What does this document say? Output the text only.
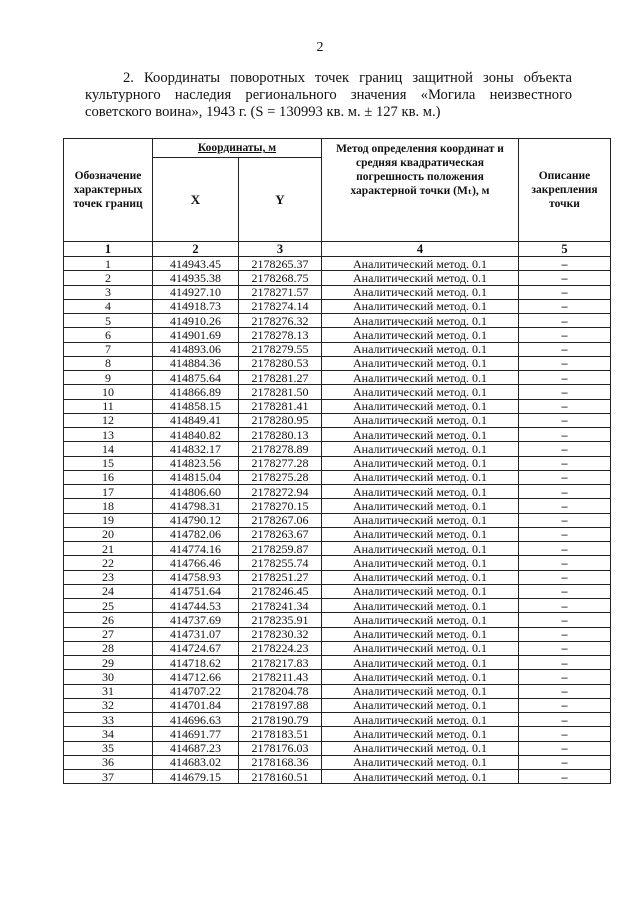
2
2. Координаты поворотных точек границ защитной зоны объекта культурного наследия регионального значения «Могила неизвестного советского воина», 1943 г. (S = 130993 кв. м. ± 127 кв. м.)
Обозначение характерных точек границ	Координаты, м		Метод определения координат и средняя квадратическая погрешность положения характерной точки (Mₜ), м	Описание закрепления точки
	X	Y		
1	2	3	4	5
1	414943.45	2178265.37	Аналитический метод. 0.1	–
2	414935.38	2178268.75	Аналитический метод. 0.1	–
3	414927.10	2178271.57	Аналитический метод. 0.1	–
4	414918.73	2178274.14	Аналитический метод. 0.1	–
5	414910.26	2178276.32	Аналитический метод. 0.1	–
6	414901.69	2178278.13	Аналитический метод. 0.1	–
7	414893.06	2178279.55	Аналитический метод. 0.1	–
8	414884.36	2178280.53	Аналитический метод. 0.1	–
9	414875.64	2178281.27	Аналитический метод. 0.1	–
10	414866.89	2178281.50	Аналитический метод. 0.1	–
11	414858.15	2178281.41	Аналитический метод. 0.1	–
12	414849.41	2178280.95	Аналитический метод. 0.1	–
13	414840.82	2178280.13	Аналитический метод. 0.1	–
14	414832.17	2178278.89	Аналитический метод. 0.1	–
15	414823.56	2178277.28	Аналитический метод. 0.1	–
16	414815.04	2178275.28	Аналитический метод. 0.1	–
17	414806.60	2178272.94	Аналитический метод. 0.1	–
18	414798.31	2178270.15	Аналитический метод. 0.1	–
19	414790.12	2178267.06	Аналитический метод. 0.1	–
20	414782.06	2178263.67	Аналитический метод. 0.1	–
21	414774.16	2178259.87	Аналитический метод. 0.1	–
22	414766.46	2178255.74	Аналитический метод. 0.1	–
23	414758.93	2178251.27	Аналитический метод. 0.1	–
24	414751.64	2178246.45	Аналитический метод. 0.1	–
25	414744.53	2178241.34	Аналитический метод. 0.1	–
26	414737.69	2178235.91	Аналитический метод. 0.1	–
27	414731.07	2178230.32	Аналитический метод. 0.1	–
28	414724.67	2178224.23	Аналитический метод. 0.1	–
29	414718.62	2178217.83	Аналитический метод. 0.1	–
30	414712.66	2178211.43	Аналитический метод. 0.1	–
31	414707.22	2178204.78	Аналитический метод. 0.1	–
32	414701.84	2178197.88	Аналитический метод. 0.1	–
33	414696.63	2178190.79	Аналитический метод. 0.1	–
34	414691.77	2178183.51	Аналитический метод. 0.1	–
35	414687.23	2178176.03	Аналитический метод. 0.1	–
36	414683.02	2178168.36	Аналитический метод. 0.1	–
37	414679.15	2178160.51	Аналитический метод. 0.1	–
